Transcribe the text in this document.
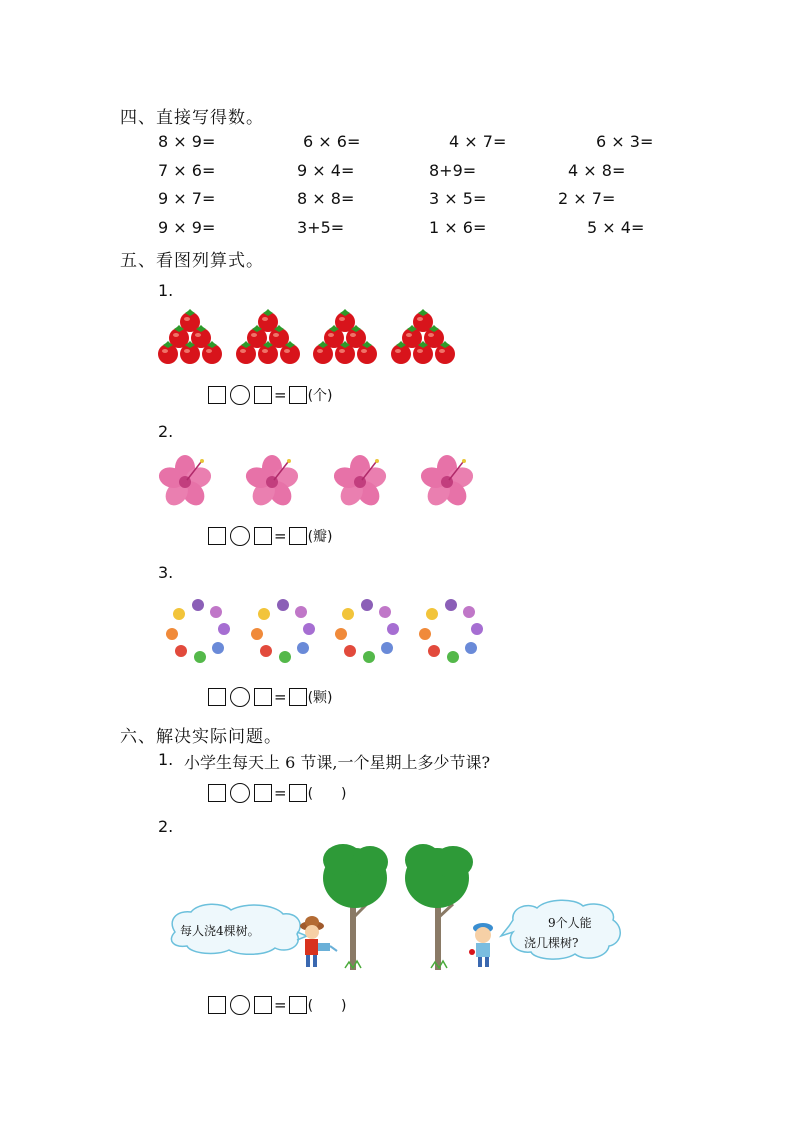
四、直接写得数。
8 × 9=	6 × 6=	4 × 7=	6 × 3=
7 × 6=	9 × 4=	8+9=	4 × 8=
9 × 7=	8 × 8=	3 × 5=	2 × 7=
9 × 9=	3+5=	1 × 6=	5 × 4=
五、看图列算式。
1.
= (个)
2.
= (瓣)
3.
= (颗)
六、解决实际问题。
1. 小学生每天上 6 节课,一个星期上多少节课?
= (　　)
2.
每人浇4棵树。
9个人能
浇几棵树?
= (　　)
